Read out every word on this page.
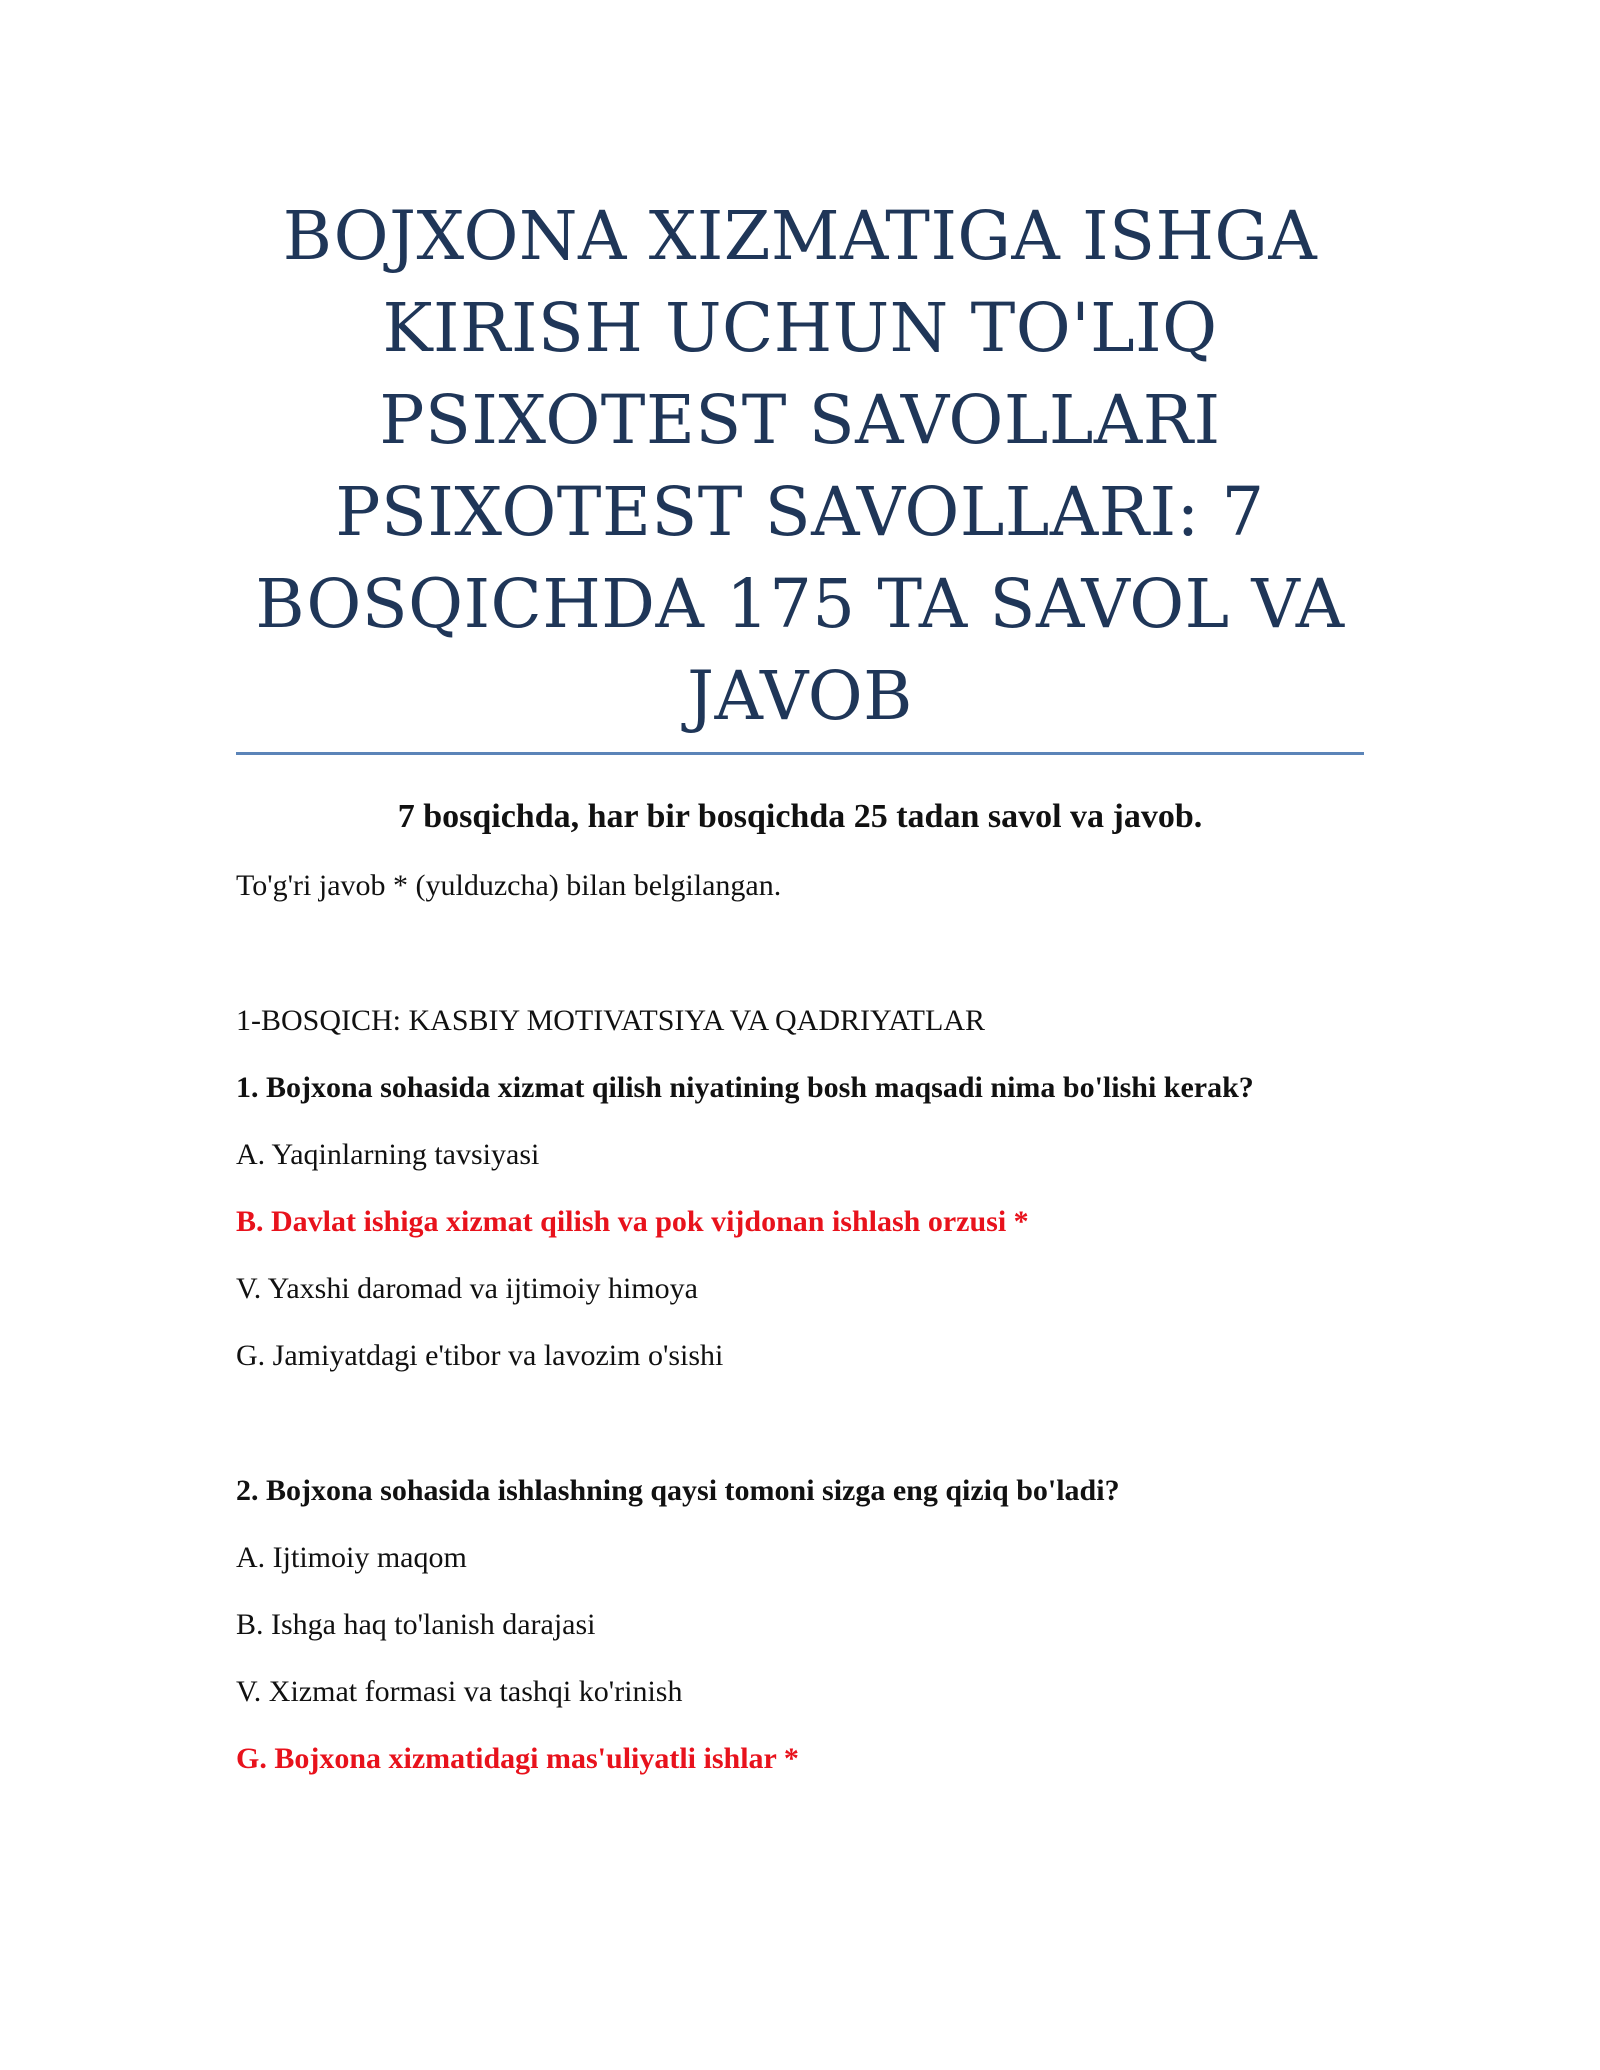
BOJXONA XIZMATIGA ISHGA
KIRISH UCHUN TO'LIQ
PSIXOTEST SAVOLLARI
PSIXOTEST SAVOLLARI: 7
BOSQICHDA 175 TA SAVOL VA
JAVOB

7 bosqichda, har bir bosqichda 25 tadan savol va javob.

To'g'ri javob * (yulduzcha) bilan belgilangan.

1-BOSQICH: KASBIY MOTIVATSIYA VA QADRIYATLAR

1. Bojxona sohasida xizmat qilish niyatining bosh maqsadi nima bo'lishi kerak?

A. Yaqinlarning tavsiyasi

B. Davlat ishiga xizmat qilish va pok vijdonan ishlash orzusi *

V. Yaxshi daromad va ijtimoiy himoya

G. Jamiyatdagi e'tibor va lavozim o'sishi

2. Bojxona sohasida ishlashning qaysi tomoni sizga eng qiziq bo'ladi?

A. Ijtimoiy maqom

B. Ishga haq to'lanish darajasi

V. Xizmat formasi va tashqi ko'rinish

G. Bojxona xizmatidagi mas'uliyatli ishlar *
